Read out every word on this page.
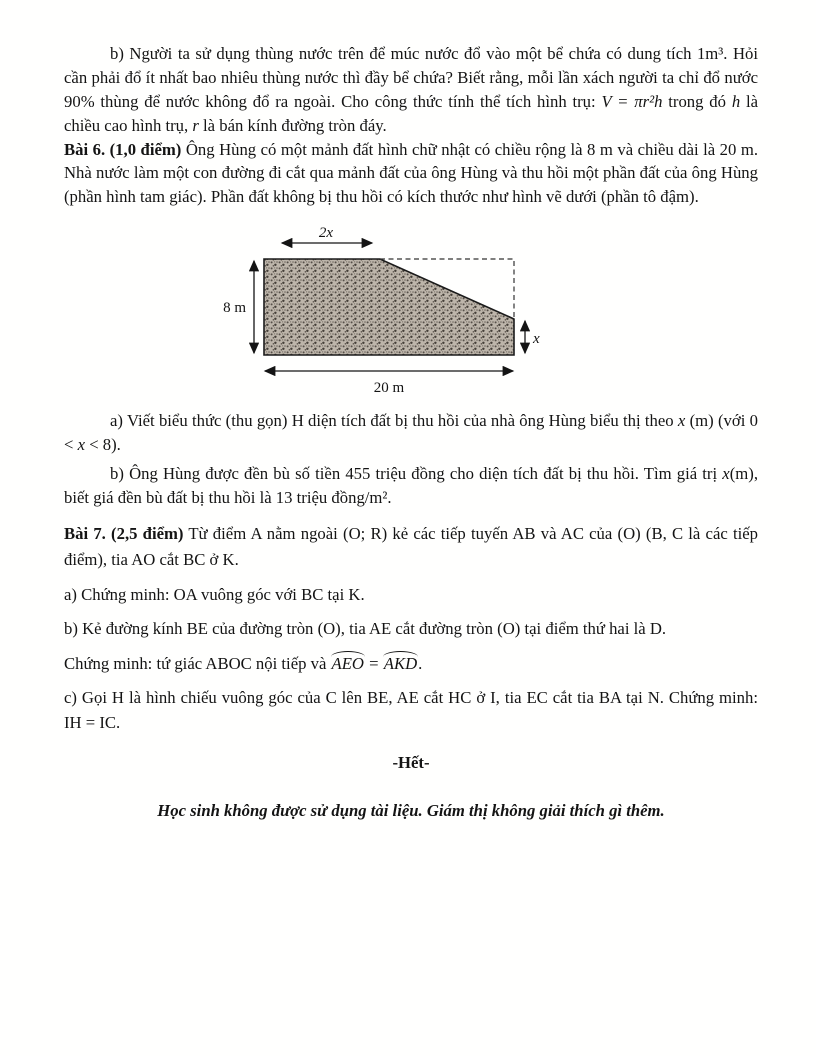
b) Người ta sử dụng thùng nước trên để múc nước đổ vào một bể chứa có dung tích 1m³. Hỏi cần phải đổ ít nhất bao nhiêu thùng nước thì đầy bể chứa? Biết rằng, mỗi lần xách người ta chỉ đổ nước 90% thùng để nước không đổ ra ngoài. Cho công thức tính thể tích hình trụ: V = πr²h trong đó h là chiều cao hình trụ, r là bán kính đường tròn đáy.

Bài 6. (1,0 điểm) Ông Hùng có một mảnh đất hình chữ nhật có chiều rộng là 8 m và chiều dài là 20 m. Nhà nước làm một con đường đi cắt qua mảnh đất của ông Hùng và thu hồi một phần đất của ông Hùng (phần hình tam giác). Phần đất không bị thu hồi có kích thước như hình vẽ dưới (phần tô đậm).

2x
8 m
x
20 m

a) Viết biểu thức (thu gọn) H diện tích đất bị thu hồi của nhà ông Hùng biểu thị theo x (m) (với 0 < x < 8).

b) Ông Hùng được đền bù số tiền 455 triệu đồng cho diện tích đất bị thu hồi. Tìm giá trị x(m), biết giá đền bù đất bị thu hồi là 13 triệu đồng/m².

Bài 7. (2,5 điểm) Từ điểm A nằm ngoài (O; R) kẻ các tiếp tuyến AB và AC của (O) (B, C là các tiếp điểm), tia AO cắt BC ở K.

a) Chứng minh: OA vuông góc với BC tại K.

b) Kẻ đường kính BE của đường tròn (O), tia AE cắt đường tròn (O) tại điểm thứ hai là D.

Chứng minh: tứ giác ABOC nội tiếp và AEO = AKD.

c) Gọi H là hình chiếu vuông góc của C lên BE, AE cắt HC ở I, tia EC cắt tia BA tại N. Chứng minh: IH = IC.

-Hết-

Học sinh không được sử dụng tài liệu. Giám thị không giải thích gì thêm.
